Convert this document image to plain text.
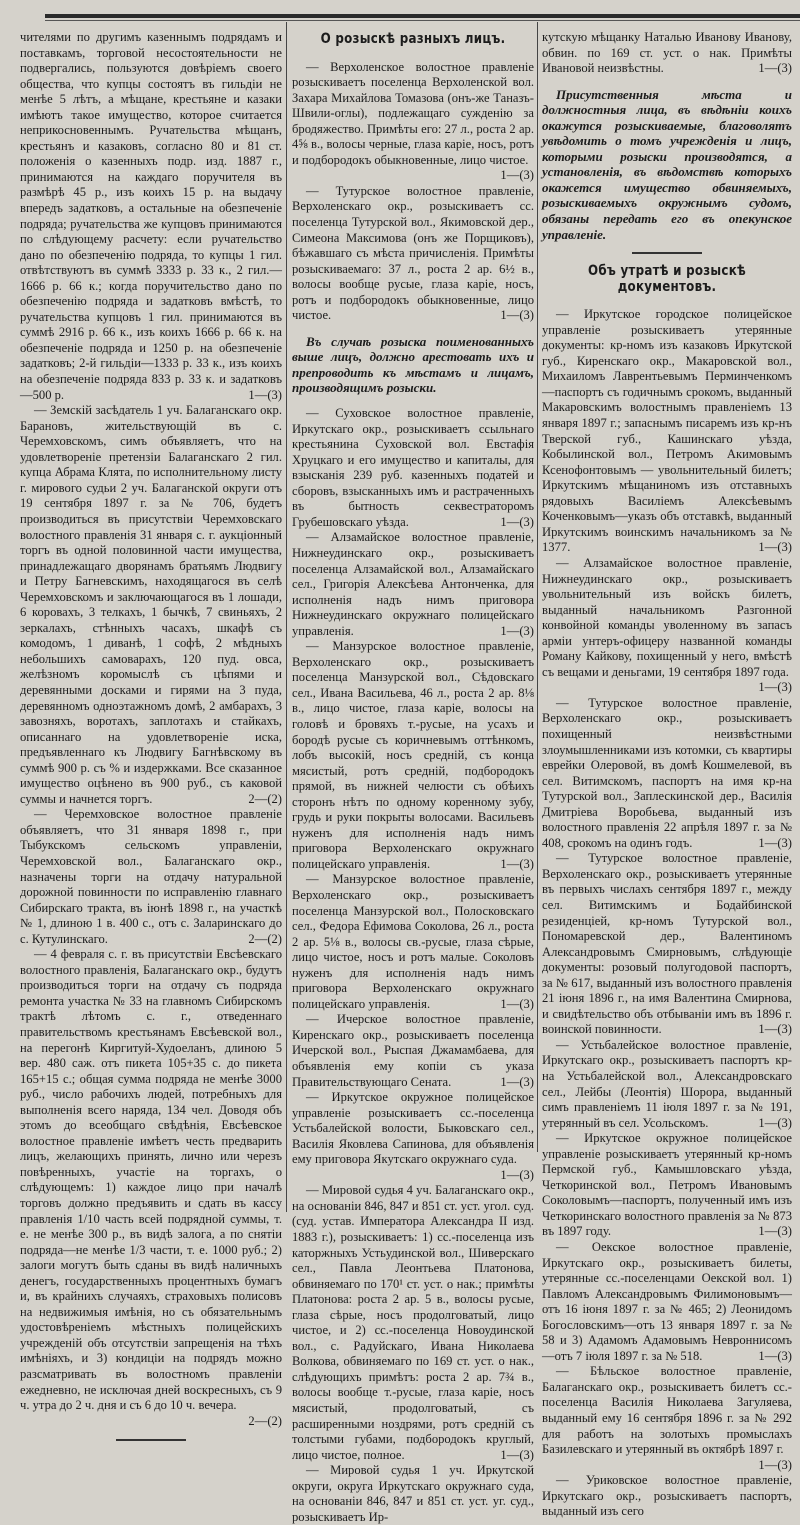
чителями по другимъ казеннымъ подрядамъ и поставкамъ, торговой несостоятельности не подвергались, пользуются довѣріемъ своего общества, что купцы состоятъ въ гильдіи не менѣе 5 лѣтъ, а мѣщане, крестьяне и казаки имѣютъ такое имущество, которое считается неприкосновеннымъ. Ручательства мѣщанъ, крестьянъ и казаковъ, согласно 80 и 81 ст. положенія о казенныхъ подр. изд. 1887 г., принимаются на каждаго поручителя въ размѣрѣ 45 р., изъ коихъ 15 р. на выдачу впередъ задатковъ, а остальные на обезпеченіе подряда; ручательства же купцовъ принимаются по слѣдующему расчету: если ручательство дано по обезпеченію подряда, то купцы 1 гил. отвѣтствуютъ въ суммѣ 3333 р. 33 к., 2 гил.—1666 р. 66 к.; когда поручительство дано по обезпеченію подряда и задатковъ вмѣстѣ, то ручательства купцовъ 1 гил. принимаются въ суммѣ 2916 р. 66 к., изъ коихъ 1666 р. 66 к. на обезпеченіе подряда и 1250 р. на обезпеченіе задатковъ; 2-й гильдіи—1333 р. 33 к., изъ коихъ на обезпеченіе подряда 833 р. 33 к. и задатковъ—500 р.	1—(3)

— Земскій засѣдатель 1 уч. Балаганскаго окр. Барановъ, жительствующій въ с. Черемховскомъ, симъ объявляетъ, что на удовлетвореніе претензіи Балаганскаго 2 гил. купца Абрама Клята, по исполнительному листу г. мирового судьи 2 уч. Балаганской округи отъ 19 сентября 1897 г. за № 706, будетъ производиться въ присутствіи Черемховскаго волостного правленія 31 января с. г. аукціонный торгъ въ одной половинной части имущества, принадлежащаго дворянамъ братьямъ Людвигу и Петру Багневскимъ, находящагося въ селѣ Черемховскомъ и заключающагося въ 1 лошади, 6 коровахъ, 3 телкахъ, 1 бычкѣ, 7 свиньяхъ, 2 зеркалахъ, стѣнныхъ часахъ, шкафѣ съ комодомъ, 1 диванѣ, 1 софѣ, 2 мѣдныхъ небольшихъ самоварахъ, 120 пуд. овса, желѣзномъ коромыслѣ съ цѣпями и деревянными досками и гирями на 3 пуда, деревянномъ одноэтажномъ домѣ, 2 амбарахъ, 3 завозняхъ, воротахъ, заплотахъ и стайкахъ, описаннаго на удовлетвореніе иска, предъявленнаго къ Людвигу Багнѣвскому въ суммѣ 900 р. съ % и издержками. Все сказанное имущество оцѣнено въ 900 руб., съ каковой суммы и начнется торгъ.	2—(2)

— Черемховское волостное правленіе объявляетъ, что 31 января 1898 г., при Тыбукскомъ сельскомъ управленіи, Черемховской вол., Балаганскаго окр., назначены торги на отдачу натуральной дорожной повинности по исправленію главнаго Сибирскаго тракта, въ іюнѣ 1898 г., на участкѣ № 1, длиною 1 в. 400 с., отъ с. Заларинскаго до с. Кутулинскаго.	2—(2)

— 4 февраля с. г. въ присутствіи Евсѣевскаго волостного правленія, Балаганскаго окр., будутъ производиться торги на отдачу съ подряда ремонта участка № 33 на главномъ Сибирскомъ трактѣ лѣтомъ с. г., отведеннаго правительствомъ крестьянамъ Евсѣевской вол., на перегонѣ Киргитуй-Худоеланъ, длиною 5 вер. 480 саж. отъ пикета 105+35 с. до пикета 165+15 с.; общая сумма подряда не менѣе 3000 руб., число рабочихъ людей, потребныхъ для выполненія всего наряда, 134 чел. Доводя объ этомъ до всеобщаго свѣдѣнія, Евсѣевское волостное правленіе имѣетъ честь предварить лицъ, желающихъ принять, лично или черезъ повѣренныхъ, участіе на торгахъ, о слѣдующемъ: 1) каждое лицо при началѣ торговъ должно предъявить и сдать въ кассу правленія 1/10 часть всей подрядной суммы, т. е. не менѣе 300 р., въ видѣ залога, а по снятіи подряда—не менѣе 1/3 части, т. е. 1000 руб.; 2) залоги могутъ быть сданы въ видѣ наличныхъ денегъ, государственныхъ процентныхъ бумагъ и, въ крайнихъ случаяхъ, страховыхъ полисовъ на недвижимыя имѣнія, но съ обязательнымъ удостовѣреніемъ мѣстныхъ полицейскихъ учрежденій объ отсутствіи запрещенія на тѣхъ имѣніяхъ, и 3) кондиціи на подрядъ можно разсматривать въ волостномъ правленіи ежедневно, не исключая дней воскресныхъ, съ 9 ч. утра до 2 ч. дня и съ 6 до 10 ч. вечера.
2—(2)

О розыскѣ разныхъ лицъ.

— Верхоленское волостное правленіе розыскиваетъ поселенца Верхоленской вол. Захара Михайлова Томазова (онъ-же Таназъ-Швили-оглы), подлежащаго сужденію за бродяжество. Примѣты его: 27 л., роста 2 ар. 4⅝ в., волосы черные, глаза каріе, носъ, ротъ и подбородокъ обыкновенные, лицо чистое.
1—(3)

— Тутурское волостное правленіе, Верхоленскаго окр., розыскиваетъ сс. поселенца Тутурской вол., Якимовской дер., Симеона Максимова (онъ же Порщиковъ), бѣжавшаго съ мѣста причисленія. Примѣты розыскиваемаго: 37 л., роста 2 ар. 6½ в., волосы вообще русые, глаза каріе, носъ, ротъ и подбородокъ обыкновенные, лицо чистое.	1—(3)

Въ случаѣ розыска поименованныхъ выше лицъ, должно арестовать ихъ и препроводить къ мѣстамъ и лицамъ, производящимъ розыски.

— Суховское волостное правленіе, Иркутскаго окр., розыскиваетъ ссыльнаго крестьянина Суховской вол. Евстафія Хруцкаго и его имущество и капиталы, для взысканія 239 руб. казенныхъ податей и сборовъ, взысканныхъ имъ и растраченныхъ въ бытность секвестраторомъ Грубешовскаго уѣзда.	1—(3)

— Алзамайское волостное правленіе, Нижнеудинскаго окр., розыскиваетъ поселенца Алзамайской вол., Алзамайскаго сел., Григорія Алексѣева Антонченка, для исполненія надъ нимъ приговора Нижнеудинскаго окружнаго полицейскаго управленія.	1—(3)

— Манзурское волостное правленіе, Верхоленскаго окр., розыскиваетъ поселенца Манзурской вол., Сѣдовскаго сел., Ивана Васильева, 46 л., роста 2 ар. 8⅛ в., лицо чистое, глаза каріе, волосы на головѣ и бровяхъ т.-русые, на усахъ и бородѣ русые съ коричневымъ оттѣнкомъ, лобъ высокій, носъ средній, съ конца мясистый, ротъ средній, подбородокъ прямой, въ нижней челюсти съ обѣихъ сторонъ нѣтъ по одному коренному зубу, грудь и руки покрыты волосами. Васильевъ нуженъ для исполненія надъ нимъ приговора Верхоленскаго окружнаго полицейскаго управленія.	1—(3)

— Манзурское волостное правленіе, Верхоленскаго окр., розыскиваетъ поселенца Манзурской вол., Полосковскаго сел., Федора Ефимова Соколова, 26 л., роста 2 ар. 5⅛ в., волосы св.-русые, глаза сѣрые, лицо чистое, носъ и ротъ малые. Соколовъ нуженъ для исполненія надъ нимъ приговора Верхоленскаго окружнаго полицейскаго управленія.	1—(3)

— Ичерское волостное правленіе, Киренскаго окр., розыскиваетъ поселенца Ичерской вол., Рыспая Джамамбаева, для объявленія ему копіи съ указа Правительствующаго Сената.	1—(3)

— Иркутское окружное полицейское управленіе розыскиваетъ сс.-поселенца Устьбалейской волости, Быковскаго сел., Василія Яковлева Сапинова, для объявленія ему приговора Якутскаго окружнаго суда.
1—(3)

— Мировой судья 4 уч. Балаганскаго окр., на основаніи 846, 847 и 851 ст. уст. угол. суд. (суд. устав. Императора Александра II изд. 1883 г.), розыскиваетъ: 1) сс.-поселенца изъ каторжныхъ Устьудинской вол., Шиверскаго сел., Павла Леонтьева Платонова, обвиняемаго по 170¹ ст. уст. о нак.; примѣты Платонова: роста 2 ар. 5 в., волосы русые, глаза сѣрые, носъ продолговатый, лицо чистое, и 2) сс.-поселенца Новоудинской вол., с. Радуйскаго, Ивана Николаева Волкова, обвиняемаго по 169 ст. уст. о нак., слѣдующихъ примѣтъ: роста 2 ар. 7¾ в., волосы вообще т.-русые, глаза каріе, носъ мясистый, продолговатый, съ расширенными ноздрями, ротъ средній съ толстыми губами, подбородокъ круглый, лицо чистое, полное.	1—(3)

— Мировой судья 1 уч. Иркутской округи, округа Иркутскаго окружнаго суда, на основаніи 846, 847 и 851 ст. уст. уг. суд., розыскиваетъ Ир-

кутскую мѣщанку Наталью Иванову Иванову, обвин. по 169 ст. уст. о нак. Примѣты Ивановой неизвѣстны.	1—(3)

Присутственныя мѣста и должностныя лица, въ вѣдѣніи коихъ окажутся розыскиваемые, благоволятъ увѣдомить о томъ учрежденія и лицъ, которыми розыски производятся, а установленія, въ вѣдомствѣ которыхъ окажется имущество обвиняемыхъ, розыскиваемыхъ окружнымъ судомъ, обязаны передать его въ опекунское управленіе.

Объ утратѣ и розыскѣ документовъ.

— Иркутское городское полицейское управленіе розыскиваетъ утерянные документы: кр-номъ изъ казаковъ Иркутской губ., Киренскаго окр., Макаровской вол., Михаиломъ Лаврентьевымъ Перминченкомъ—паспортъ съ годичнымъ срокомъ, выданный Макаровскимъ волостнымъ правленіемъ 13 января 1897 г.; запаснымъ писаремъ изъ кр-нъ Тверской губ., Кашинскаго уѣзда, Кобылинской вол., Петромъ Акимовымъ Ксенофонтовымъ — увольнительный билетъ; Иркутскимъ мѣщаниномъ изъ отставныхъ рядовыхъ Василіемъ Алексѣевымъ Коченковымъ—указъ объ отставкѣ, выданный Иркутскимъ воинскимъ начальникомъ за № 1377.	1—(3)

— Алзамайское волостное правленіе, Нижнеудинскаго окр., розыскиваетъ увольнительный изъ войскъ билетъ, выданный начальникомъ Разгонной конвойной команды уволенному въ запасъ арміи унтеръ-офицеру названной команды Роману Кайкову, похищенный у него, вмѣстѣ съ вещами и деньгами, 19 сентября 1897 года.
1—(3)

— Тутурское волостное правленіе, Верхоленскаго окр., розыскиваетъ похищенный неизвѣстными злоумышленниками изъ котомки, съ квартиры еврейки Олеровой, въ домѣ Кошмелевой, въ сел. Витимскомъ, паспортъ на имя кр-на Тутурской вол., Заплескинской дер., Василія Дмитріева Воробьева, выданный изъ волостного правленія 22 апрѣля 1897 г. за № 408, срокомъ на одинъ годъ.	1—(3)

— Тутурское волостное правленіе, Верхоленскаго окр., розыскиваетъ утерянные въ первыхъ числахъ сентября 1897 г., между сел. Витимскимъ и Бодайбинской резиденціей, кр-номъ Тутурской вол., Пономаревской дер., Валентиномъ Александровымъ Смирновымъ, слѣдующіе документы: розовый полугодовой паспортъ, за № 617, выданный изъ волостного правленія 21 іюня 1896 г., на имя Валентина Смирнова, и свидѣтельство объ отбываніи имъ въ 1896 г. воинской повинности.	1—(3)

— Устьбалейское волостное правленіе, Иркутскаго окр., розыскиваетъ паспортъ кр-на Устьбалейской вол., Александровскаго сел., Лейбы (Леонтія) Шорора, выданный симъ правленіемъ 11 іюля 1897 г. за № 191, утерянный въ сел. Усольскомъ.	1—(3)

— Иркутское окружное полицейское управленіе розыскиваетъ утерянный кр-номъ Пермской губ., Камышловскаго уѣзда, Четкоринской вол., Петромъ Ивановымъ Соколовымъ—паспортъ, полученный имъ изъ Четкоринскаго волостного правленія за № 873 въ 1897 году.	1—(3)

— Оекское волостное правленіе, Иркутскаго окр., розыскиваетъ билеты, утерянные сс.-поселенцами Оекской вол. 1) Павломъ Александровымъ Филимоновымъ—отъ 16 іюня 1897 г. за № 465; 2) Леонидомъ Богословскимъ—отъ 13 января 1897 г. за № 58 и 3) Адамомъ Адамовымъ Невроннисомъ—отъ 7 іюля 1897 г. за № 518.	1—(3)

— Бѣльское волостное правленіе, Балаганскаго окр., розыскиваетъ билетъ сс.-поселенца Василія Николаева Загуляева, выданный ему 16 сентября 1896 г. за № 292 для работъ на золотыхъ промыслахъ Базилевскаго и утерянный въ октябрѣ 1897 г.
1—(3)

— Уриковское волостное правленіе, Иркутскаго окр., розыскиваетъ паспортъ, выданный изъ сего
